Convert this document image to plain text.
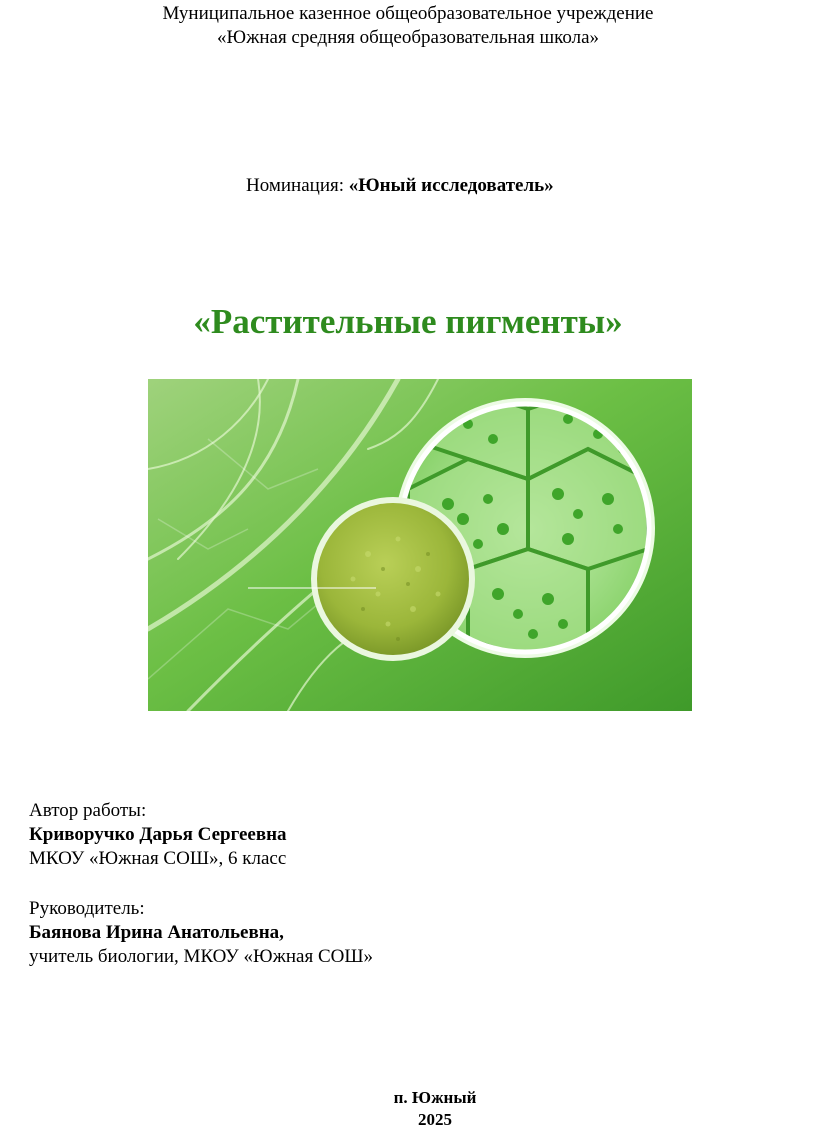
Муниципальное казенное общеобразовательное учреждение
«Южная средняя общеобразовательная школа»
Номинация: «Юный исследователь»
«Растительные пигменты»
Автор работы:
Криворучко Дарья Сергеевна
МКОУ «Южная СОШ», 6 класс
Руководитель:
Баянова Ирина Анатольевна,
учитель биологии, МКОУ «Южная СОШ»
п. Южный
2025
